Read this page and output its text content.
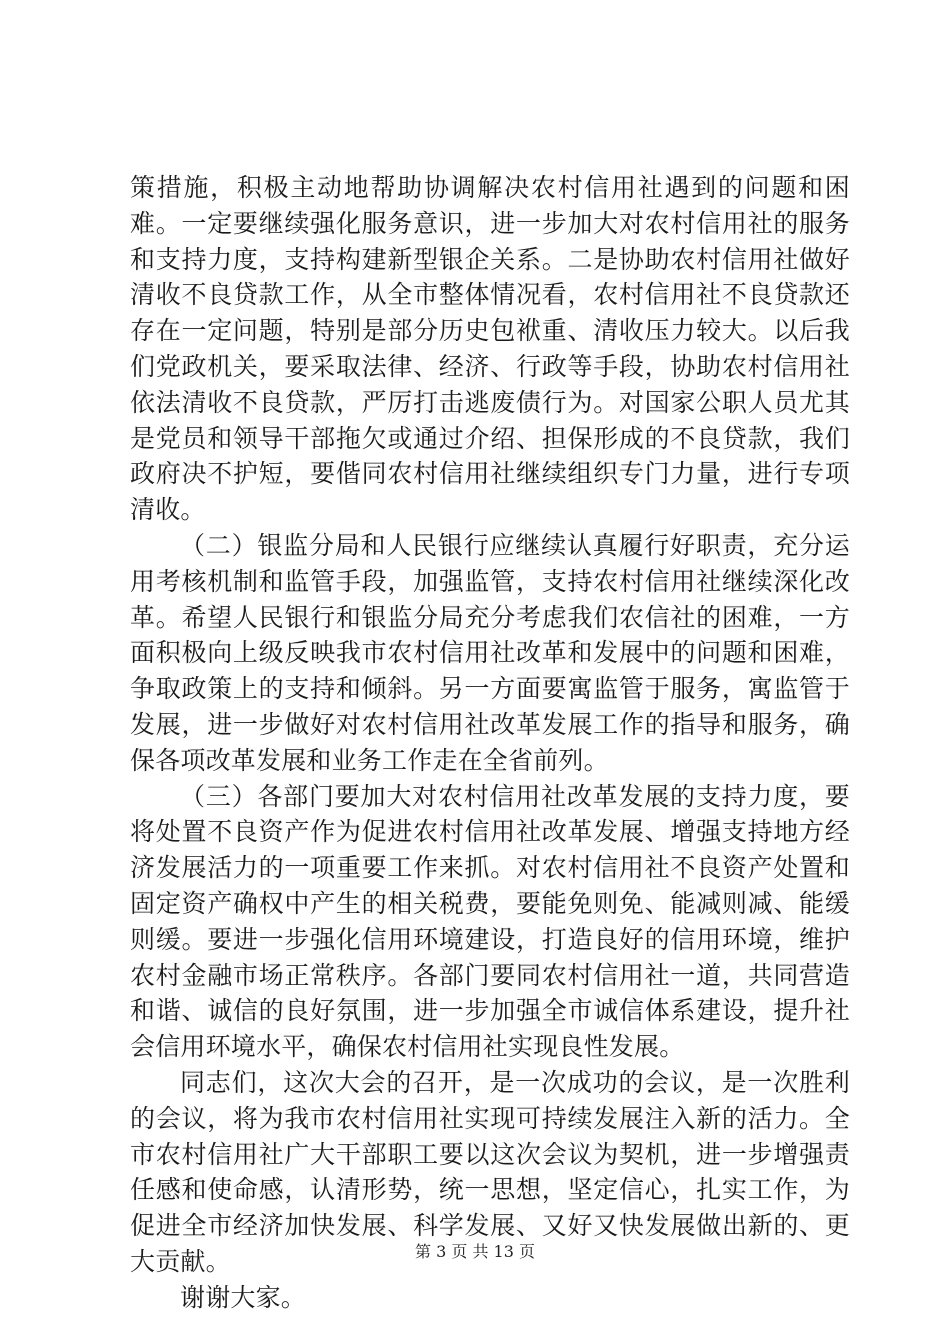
策措施，积极主动地帮助协调解决农村信用社遇到的问题和困难。一定要继续强化服务意识，进一步加大对农村信用社的服务和支持力度，支持构建新型银企关系。二是协助农村信用社做好清收不良贷款工作，从全市整体情况看，农村信用社不良贷款还存在一定问题，特别是部分历史包袱重、清收压力较大。以后我们党政机关，要采取法律、经济、行政等手段，协助农村信用社依法清收不良贷款，严厉打击逃废债行为。对国家公职人员尤其是党员和领导干部拖欠或通过介绍、担保形成的不良贷款，我们政府决不护短，要偕同农村信用社继续组织专门力量，进行专项清收。

（二）银监分局和人民银行应继续认真履行好职责，充分运用考核机制和监管手段，加强监管，支持农村信用社继续深化改革。希望人民银行和银监分局充分考虑我们农信社的困难，一方面积极向上级反映我市农村信用社改革和发展中的问题和困难，争取政策上的支持和倾斜。另一方面要寓监管于服务，寓监管于发展，进一步做好对农村信用社改革发展工作的指导和服务，确保各项改革发展和业务工作走在全省前列。

（三）各部门要加大对农村信用社改革发展的支持力度，要将处置不良资产作为促进农村信用社改革发展、增强支持地方经济发展活力的一项重要工作来抓。对农村信用社不良资产处置和固定资产确权中产生的相关税费，要能免则免、能减则减、能缓则缓。要进一步强化信用环境建设，打造良好的信用环境，维护农村金融市场正常秩序。各部门要同农村信用社一道，共同营造和谐、诚信的良好氛围，进一步加强全市诚信体系建设，提升社会信用环境水平，确保农村信用社实现良性发展。

同志们，这次大会的召开，是一次成功的会议，是一次胜利的会议，将为我市农村信用社实现可持续发展注入新的活力。全市农村信用社广大干部职工要以这次会议为契机，进一步增强责任感和使命感，认清形势，统一思想，坚定信心，扎实工作，为促进全市经济加快发展、科学发展、又好又快发展做出新的、更大贡献。

谢谢大家。

第 3 页 共 13 页
